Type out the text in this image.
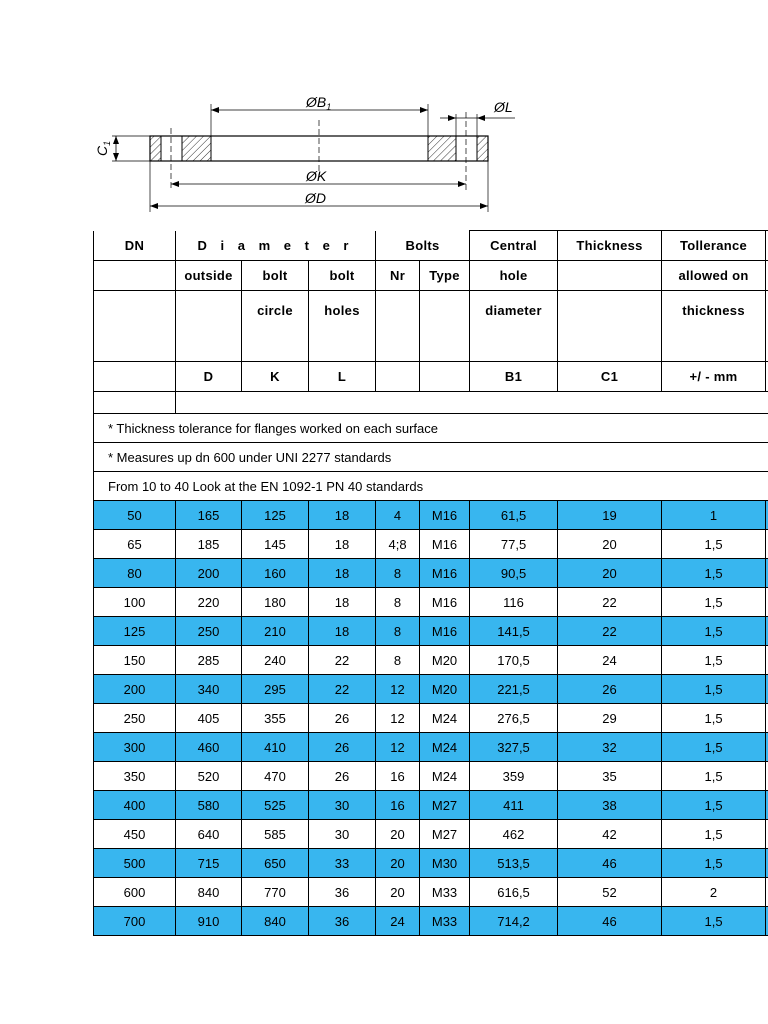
$ØB_1$	ØL
$C_1$
ØK
ØD
DN	D i a m e t e r			Bolts		Central	Thickness	Tollerance	
	outside	bolt	bolt	Nr	Type	hole		allowed on	
		circle	holes			diameter		thickness	
	D	K	L			B1	C1	+/ - mm	

* Thickness tolerance for flanges worked on each surface									
* Measures up dn 600 under UNI 2277 standards									
From 10 to 40 Look at the EN 1092-1 PN 40 standards									
50	165	125	18	4	M16	61,5	19	1	
65	185	145	18	4;8	M16	77,5	20	1,5	
80	200	160	18	8	M16	90,5	20	1,5	
100	220	180	18	8	M16	116	22	1,5	
125	250	210	18	8	M16	141,5	22	1,5	
150	285	240	22	8	M20	170,5	24	1,5	
200	340	295	22	12	M20	221,5	26	1,5	
250	405	355	26	12	M24	276,5	29	1,5	
300	460	410	26	12	M24	327,5	32	1,5	
350	520	470	26	16	M24	359	35	1,5	
400	580	525	30	16	M27	411	38	1,5	
450	640	585	30	20	M27	462	42	1,5	
500	715	650	33	20	M30	513,5	46	1,5	
600	840	770	36	20	M33	616,5	52	2	
700	910	840	36	24	M33	714,2	46	1,5	
